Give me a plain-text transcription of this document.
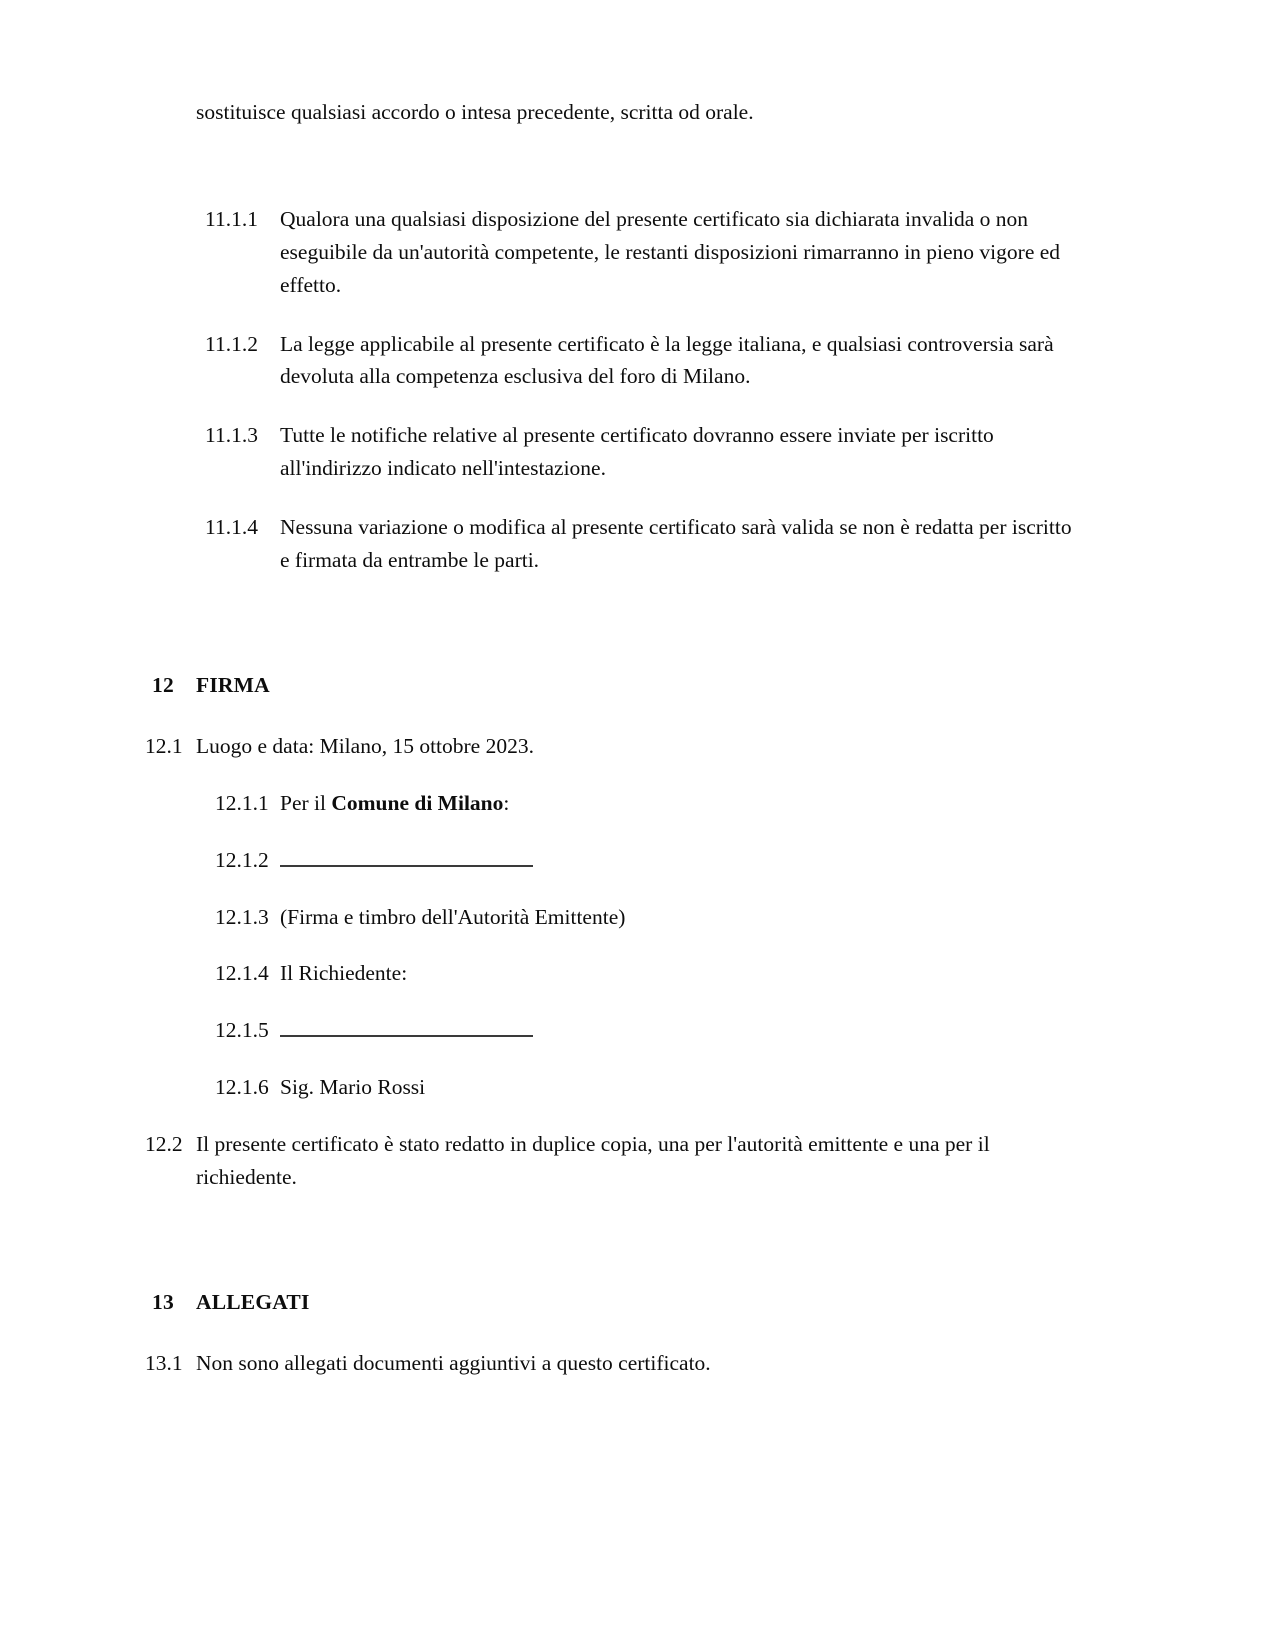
sostituisce qualsiasi accordo o intesa precedente, scritta od orale.

11.1.1	Qualora una qualsiasi disposizione del presente certificato sia dichiarata invalida o non eseguibile da un'autorità competente, le restanti disposizioni rimarranno in pieno vigore ed effetto.
11.1.2	La legge applicabile al presente certificato è la legge italiana, e qualsiasi controversia sarà devoluta alla competenza esclusiva del foro di Milano.
11.1.3	Tutte le notifiche relative al presente certificato dovranno essere inviate per iscritto all'indirizzo indicato nell'intestazione.
11.1.4	Nessuna variazione o modifica al presente certificato sarà valida se non è redatta per iscritto e firmata da entrambe le parti.
12	FIRMA
12.1 Luogo e data: Milano, 15 ottobre 2023.
12.1.1 Per il Comune di Milano:
12.1.2
12.1.3 (Firma e timbro dell'Autorità Emittente)
12.1.4 Il Richiedente:
12.1.5
12.1.6 Sig. Mario Rossi
12.2 Il presente certificato è stato redatto in duplice copia, una per l'autorità emittente e una per il richiedente.
13	ALLEGATI
13.1 Non sono allegati documenti aggiuntivi a questo certificato.
